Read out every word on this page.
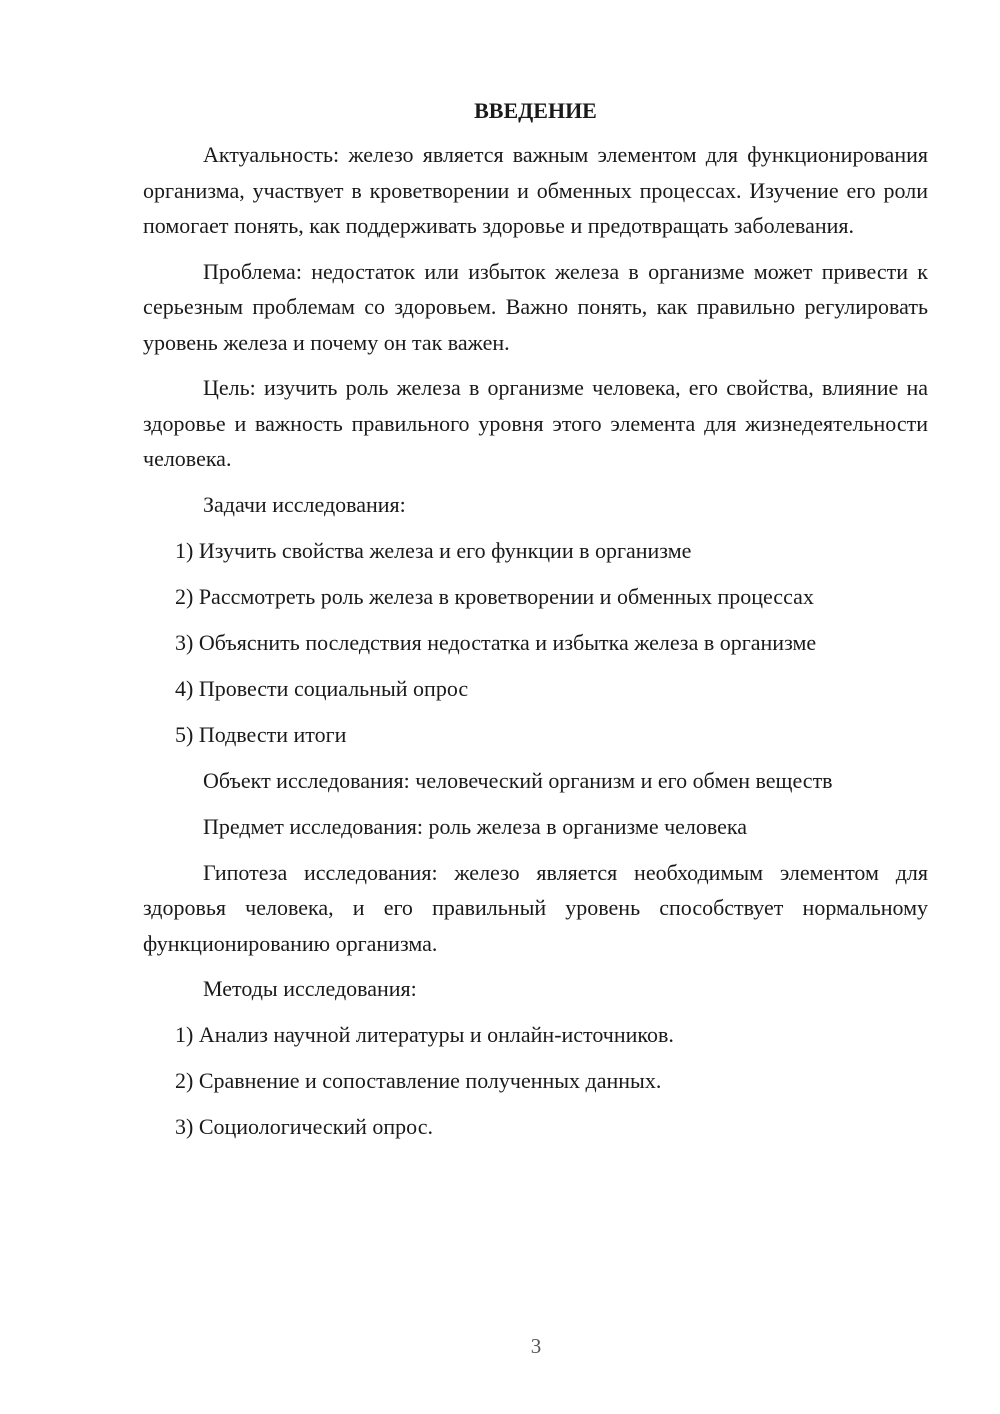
ВВЕДЕНИЕ

Актуальность: железо является важным элементом для функционирования организма, участвует в кроветворении и обменных процессах. Изучение его роли помогает понять, как поддерживать здоровье и предотвращать заболевания.

Проблема: недостаток или избыток железа в организме может привести к серьезным проблемам со здоровьем. Важно понять, как правильно регулировать уровень железа и почему он так важен.

Цель: изучить роль железа в организме человека, его свойства, влияние на здоровье и важность правильного уровня этого элемента для жизнедеятельности человека.

Задачи исследования:

1) Изучить свойства железа и его функции в организме
2) Рассмотреть роль железа в кроветворении и обменных процессах
3) Объяснить последствия недостатка и избытка железа в организме
4) Провести социальный опрос
5) Подвести итоги

Объект исследования: человеческий организм и его обмен веществ

Предмет исследования: роль железа в организме человека

Гипотеза исследования: железо является необходимым элементом для здоровья человека, и его правильный уровень способствует нормальному функционированию организма.

Методы исследования:

1) Анализ научной литературы и онлайн-источников.
2) Сравнение и сопоставление полученных данных.
3) Социологический опрос.
3
